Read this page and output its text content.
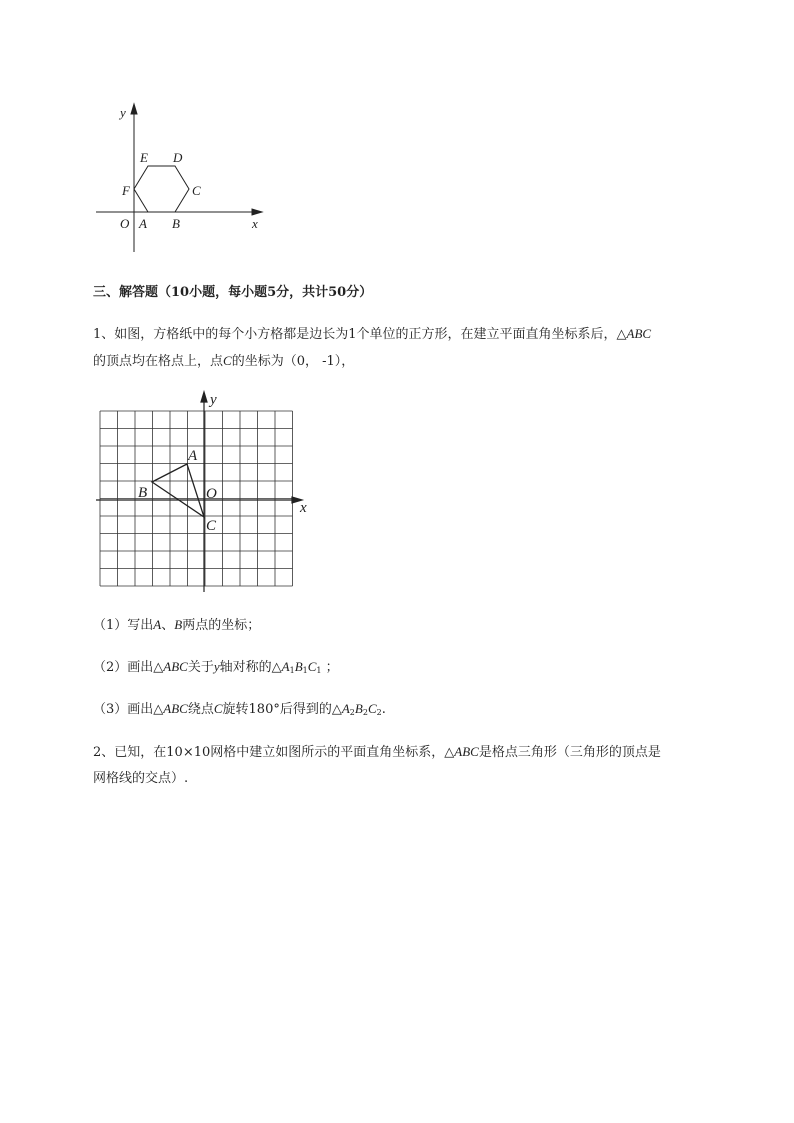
y
x
O A B
C
D
E
F
三、解答题（10小题，每小题5分，共计50分）
1、如图，方格纸中的每个小方格都是边长为1个单位的正方形，在建立平面直角坐标系后，△ABC
的顶点均在格点上，点C的坐标为（0， -1），
y
x
A
B	O
C
（1）写出A、B两点的坐标；
（2）画出△ABC关于y轴对称的$\triangle A_1B_1C_1$ ；
（3）画出△ABC绕点C旋转180°后得到的$\triangle A_2B_2C_2$.
2、已知，在10×10网格中建立如图所示的平面直角坐标系，△ABC是格点三角形（三角形的顶点是
网格线的交点）.
